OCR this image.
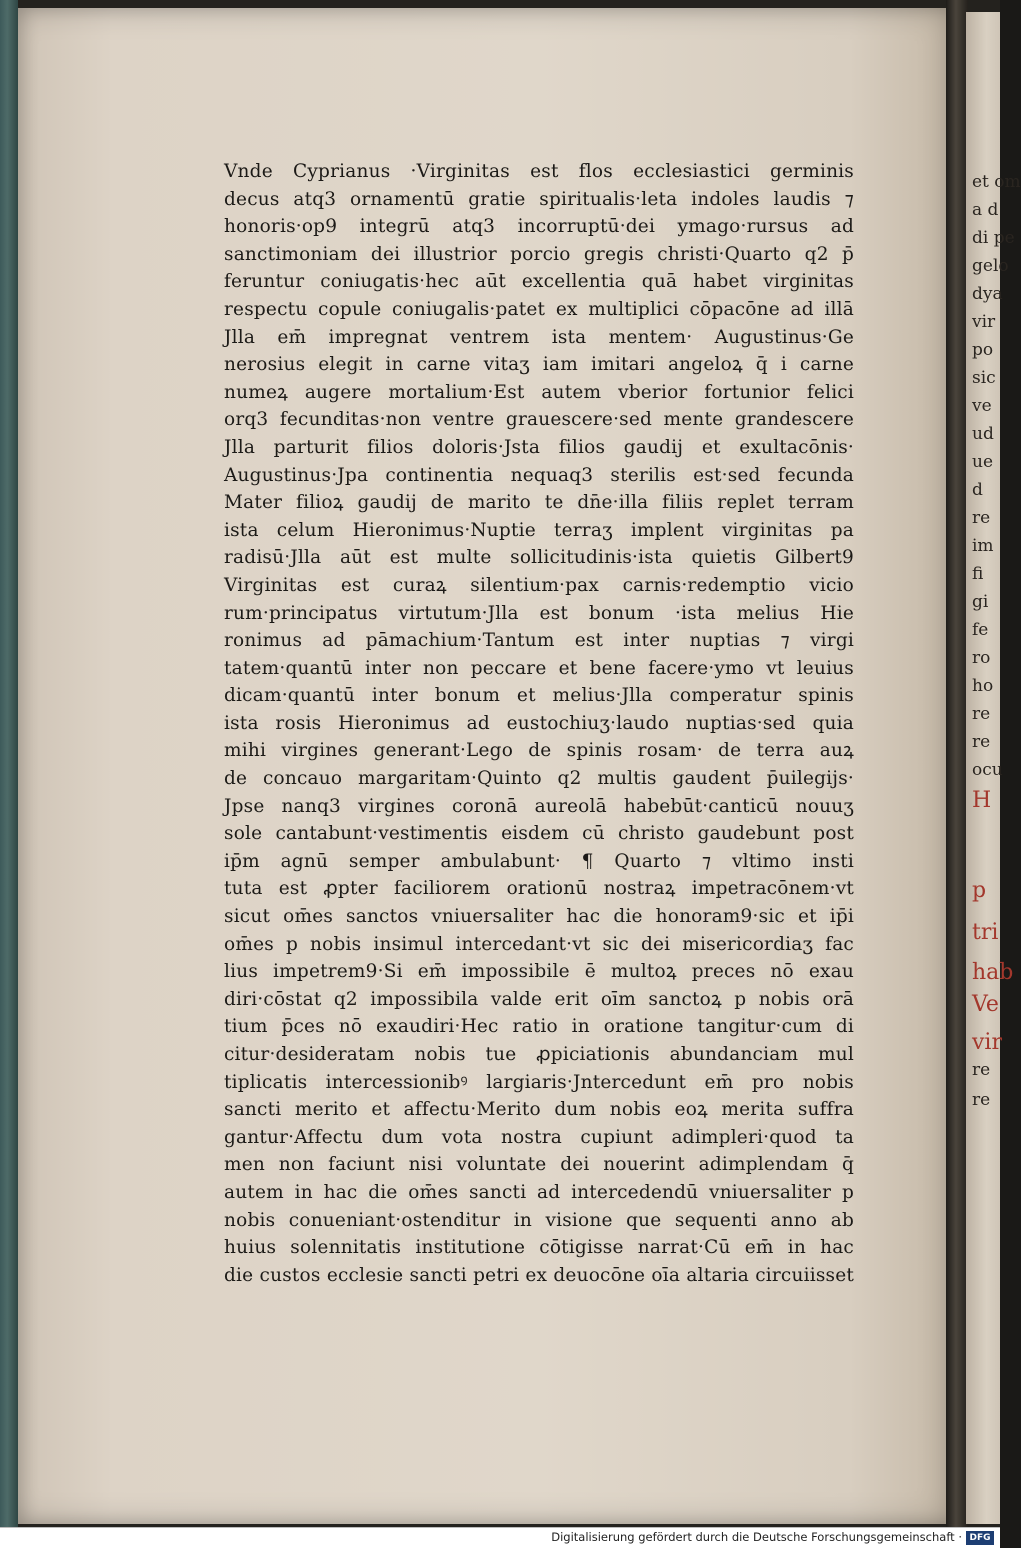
et om
a d
di pe
gelo
dya
vir
po
sic
ve
ud
ue
d
re
im
fi
gi
fe
ro
ho
re
re
ocu
H
p
tri
hab
Ve
vir
re
re
Vnde Cyprianus ·Virginitas est flos ecclesiastici germinis
decus atq3 ornamentū gratie spiritualis·leta indoles laudis ⁊
honoris·op9 integrū atq3 incorruptū·dei ymago·rursus ad
sanctimoniam dei illustrior porcio gregis christi·Quarto q2 p̄
feruntur coniugatis·hec aūt excellentia quā habet virginitas
respectu copule coniugalis·patet ex multiplici cōpacōne ad illā
Jlla em̄ impregnat ventrem ista mentem· Augustinus·Ge
nerosius elegit in carne vitaʒ iam imitari angeloꝝ q̄ i carne
numeꝝ augere mortalium·Est autem vberior fortunior felici
orq3 fecunditas·non ventre grauescere·sed mente grandescere
Jlla parturit filios doloris·Jsta filios gaudij et exultacōnis·
Augustinus·Jpa continentia nequaq3 sterilis est·sed fecunda
Mater filioꝝ gaudij de marito te dn̄e·illa filiis replet terram
ista celum Hieronimus·Nuptie terraʒ implent virginitas pa
radisū·Jlla aūt est multe sollicitudinis·ista quietis Gilbert9
Virginitas est curaꝝ silentium·pax carnis·redemptio vicio
rum·principatus virtutum·Jlla est bonum ·ista melius Hie
ronimus ad pāmachium·Tantum est inter nuptias ⁊ virgi
tatem·quantū inter non peccare et bene facere·ymo vt leuius
dicam·quantū inter bonum et melius·Jlla comperatur spinis
ista rosis Hieronimus ad eustochiuʒ·laudo nuptias·sed quia
mihi virgines generant·Lego de spinis rosam· de terra auꝝ
de concauo margaritam·Quinto q2 multis gaudent p̄uilegijs·
Jpse nanq3 virgines coronā aureolā habebūt·canticū nouuʒ
sole cantabunt·vestimentis eisdem cū christo gaudebunt post
ip̄m agnū semper ambulabunt· ¶ Quarto ⁊ vltimo insti
tuta est ꝓpter faciliorem orationū nostraꝝ impetracōnem·vt
sicut om̄es sanctos vniuersaliter hac die honoram9·sic et ip̄i
om̄es p nobis insimul intercedant·vt sic dei misericordiaʒ fac
lius impetrem9·Si em̄ impossibile ē multoꝝ preces nō exau
diri·cōstat q2 impossibila valde erit oīm sanctoꝝ p nobis orā
tium p̄ces nō exaudiri·Hec ratio in oratione tangitur·cum di
citur·desideratam nobis tue ꝓpiciationis abundanciam mul
tiplicatis intercessionibꝰ largiaris·Jntercedunt em̄ pro nobis
sancti merito et affectu·Merito dum nobis eoꝝ merita suffra
gantur·Affectu dum vota nostra cupiunt adimpleri·quod ta
men non faciunt nisi voluntate dei nouerint adimplendam q̄
autem in hac die om̄es sancti ad intercedendū vniuersaliter p
nobis conueniant·ostenditur in visione que sequenti anno ab
huius solennitatis institutione cōtigisse narrat·Cū em̄ in hac
die custos ecclesie sancti petri ex deuocōne oīa altaria circuiisset
Digitalisierung gefördert durch die Deutsche Forschungsgemeinschaft · DFG
